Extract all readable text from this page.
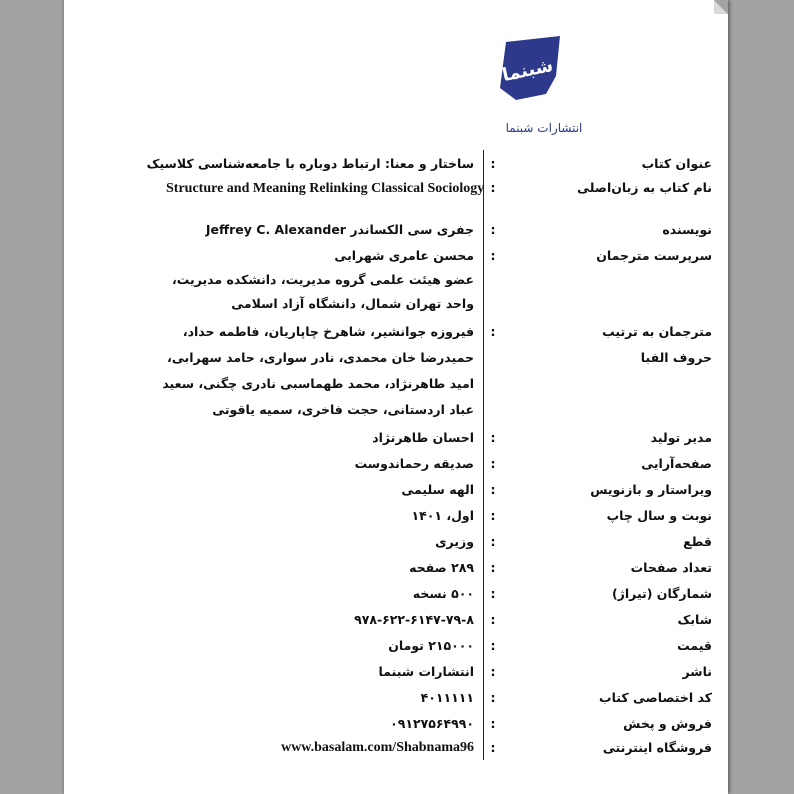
شبنما
انتشارات شبنما
عنوان کتاب
:
ساختار و معنا: ارتباط دوباره با جامعه‌شناسی کلاسیک
نام کتاب به زبان‌اصلی
:
Structure and Meaning Relinking Classical Sociology
نویسنده
:
جفری سی الکساندر Jeffrey C. Alexander
سرپرست مترجمان
:
محسن عامری شهرابی
عضو هیئت علمی گروه مدیریت، دانشکده مدیریت،
واحد تهران شمال، دانشگاه آزاد اسلامی
مترجمان به ترتیب
:
فیروزه جوانشیر، شاهرخ چاپاریان، فاطمه حداد،
حروف الفبا
حمیدرضا خان محمدی، نادر سواری، حامد سهرابی،
امید طاهرنژاد، محمد طهماسبی نادری چگنی، سعید
عباد اردستانی، حجت فاخری، سمیه یاقوتی
مدیر تولید
:
احسان طاهرنژاد
صفحه‌آرایی
:
صدیقه رحماندوست
ویراستار و بازنویس
:
الهه سلیمی
نوبت و سال چاپ
:
اول، ۱۴۰۱
قطع
:
وزیری
تعداد صفحات
:
۲۸۹ صفحه
شمارگان (تیراژ)
:
۵۰۰ نسخه
شابک
:
۹۷۸-۶۲۲-۶۱۴۷-۷۹-۸
قیمت
:
۲۱۵۰۰۰ تومان
ناشر
:
انتشارات شبنما
کد اختصاصی کتاب
:
۴۰۱۱۱۱۱
فروش و پخش
:
۰۹۱۲۷۵۶۴۹۹۰
فروشگاه اینترنتی
:
www.basalam.com/Shabnama96
